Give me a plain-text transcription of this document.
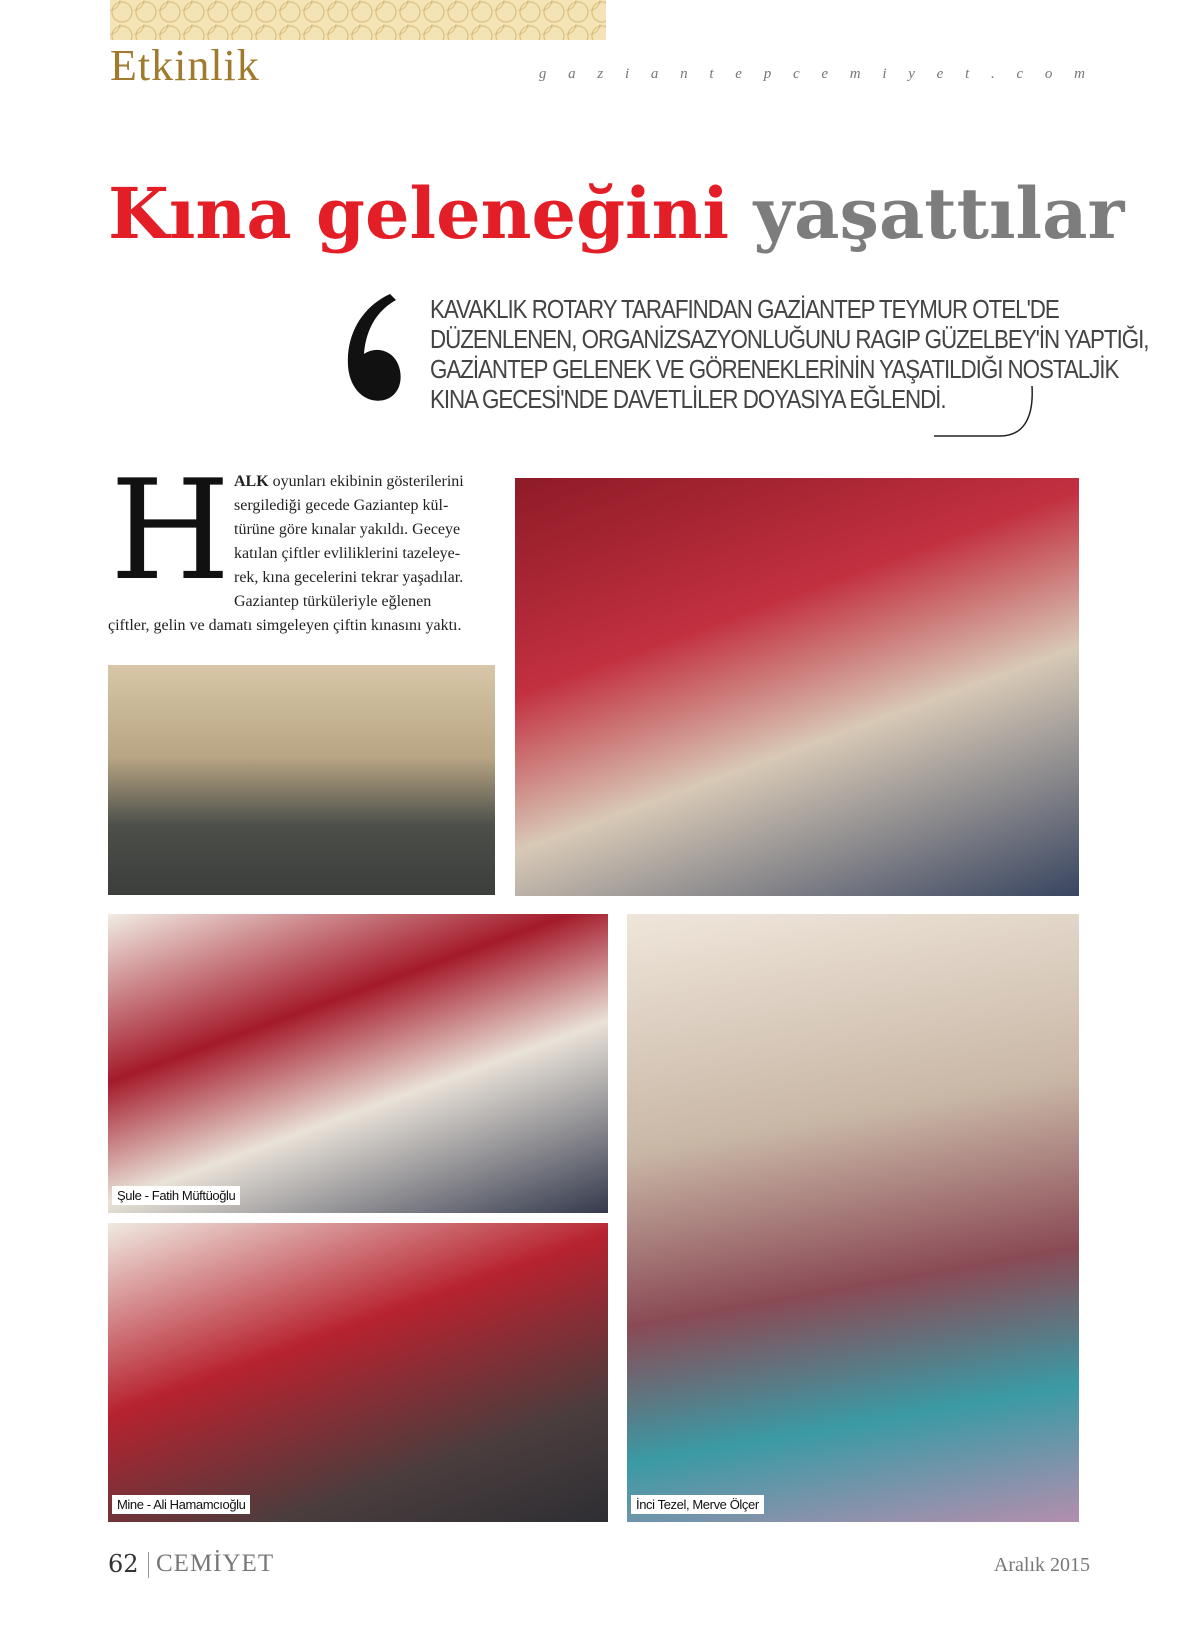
Etkinlik	g a z i a n t e p c e m i y e t . c o m
Kına geleneğini yaşattılar
KAVAKLIK ROTARY TARAFINDAN GAZİANTEP TEYMUR OTEL'DE
DÜZENLENEN, ORGANİZSAZYONLUĞUNU RAGIP GÜZELBEY'İN YAPTIĞI,
GAZİANTEP GELENEK VE GÖRENEKLERİNİN YAŞATILDIĞI NOSTALJİK
KINA GECESİ'NDE DAVETLİLER DOYASIYA EĞLENDİ.
H ALK oyunları ekibinin gösterilerini
sergilediği gecede Gaziantep kül-
türüne göre kınalar yakıldı. Geceye
katılan çiftler evliliklerini tazeleye-
rek, kına gecelerini tekrar yaşadılar.
Gaziantep türküleriyle eğlenen
çiftler, gelin ve damatı simgeleyen çiftin kınasını yaktı.
Şule - Fatih Müftüoğlu
Mine - Ali Hamamcıoğlu	İnci Tezel, Merve Ölçer
62 CEMİYET	Aralık 2015
